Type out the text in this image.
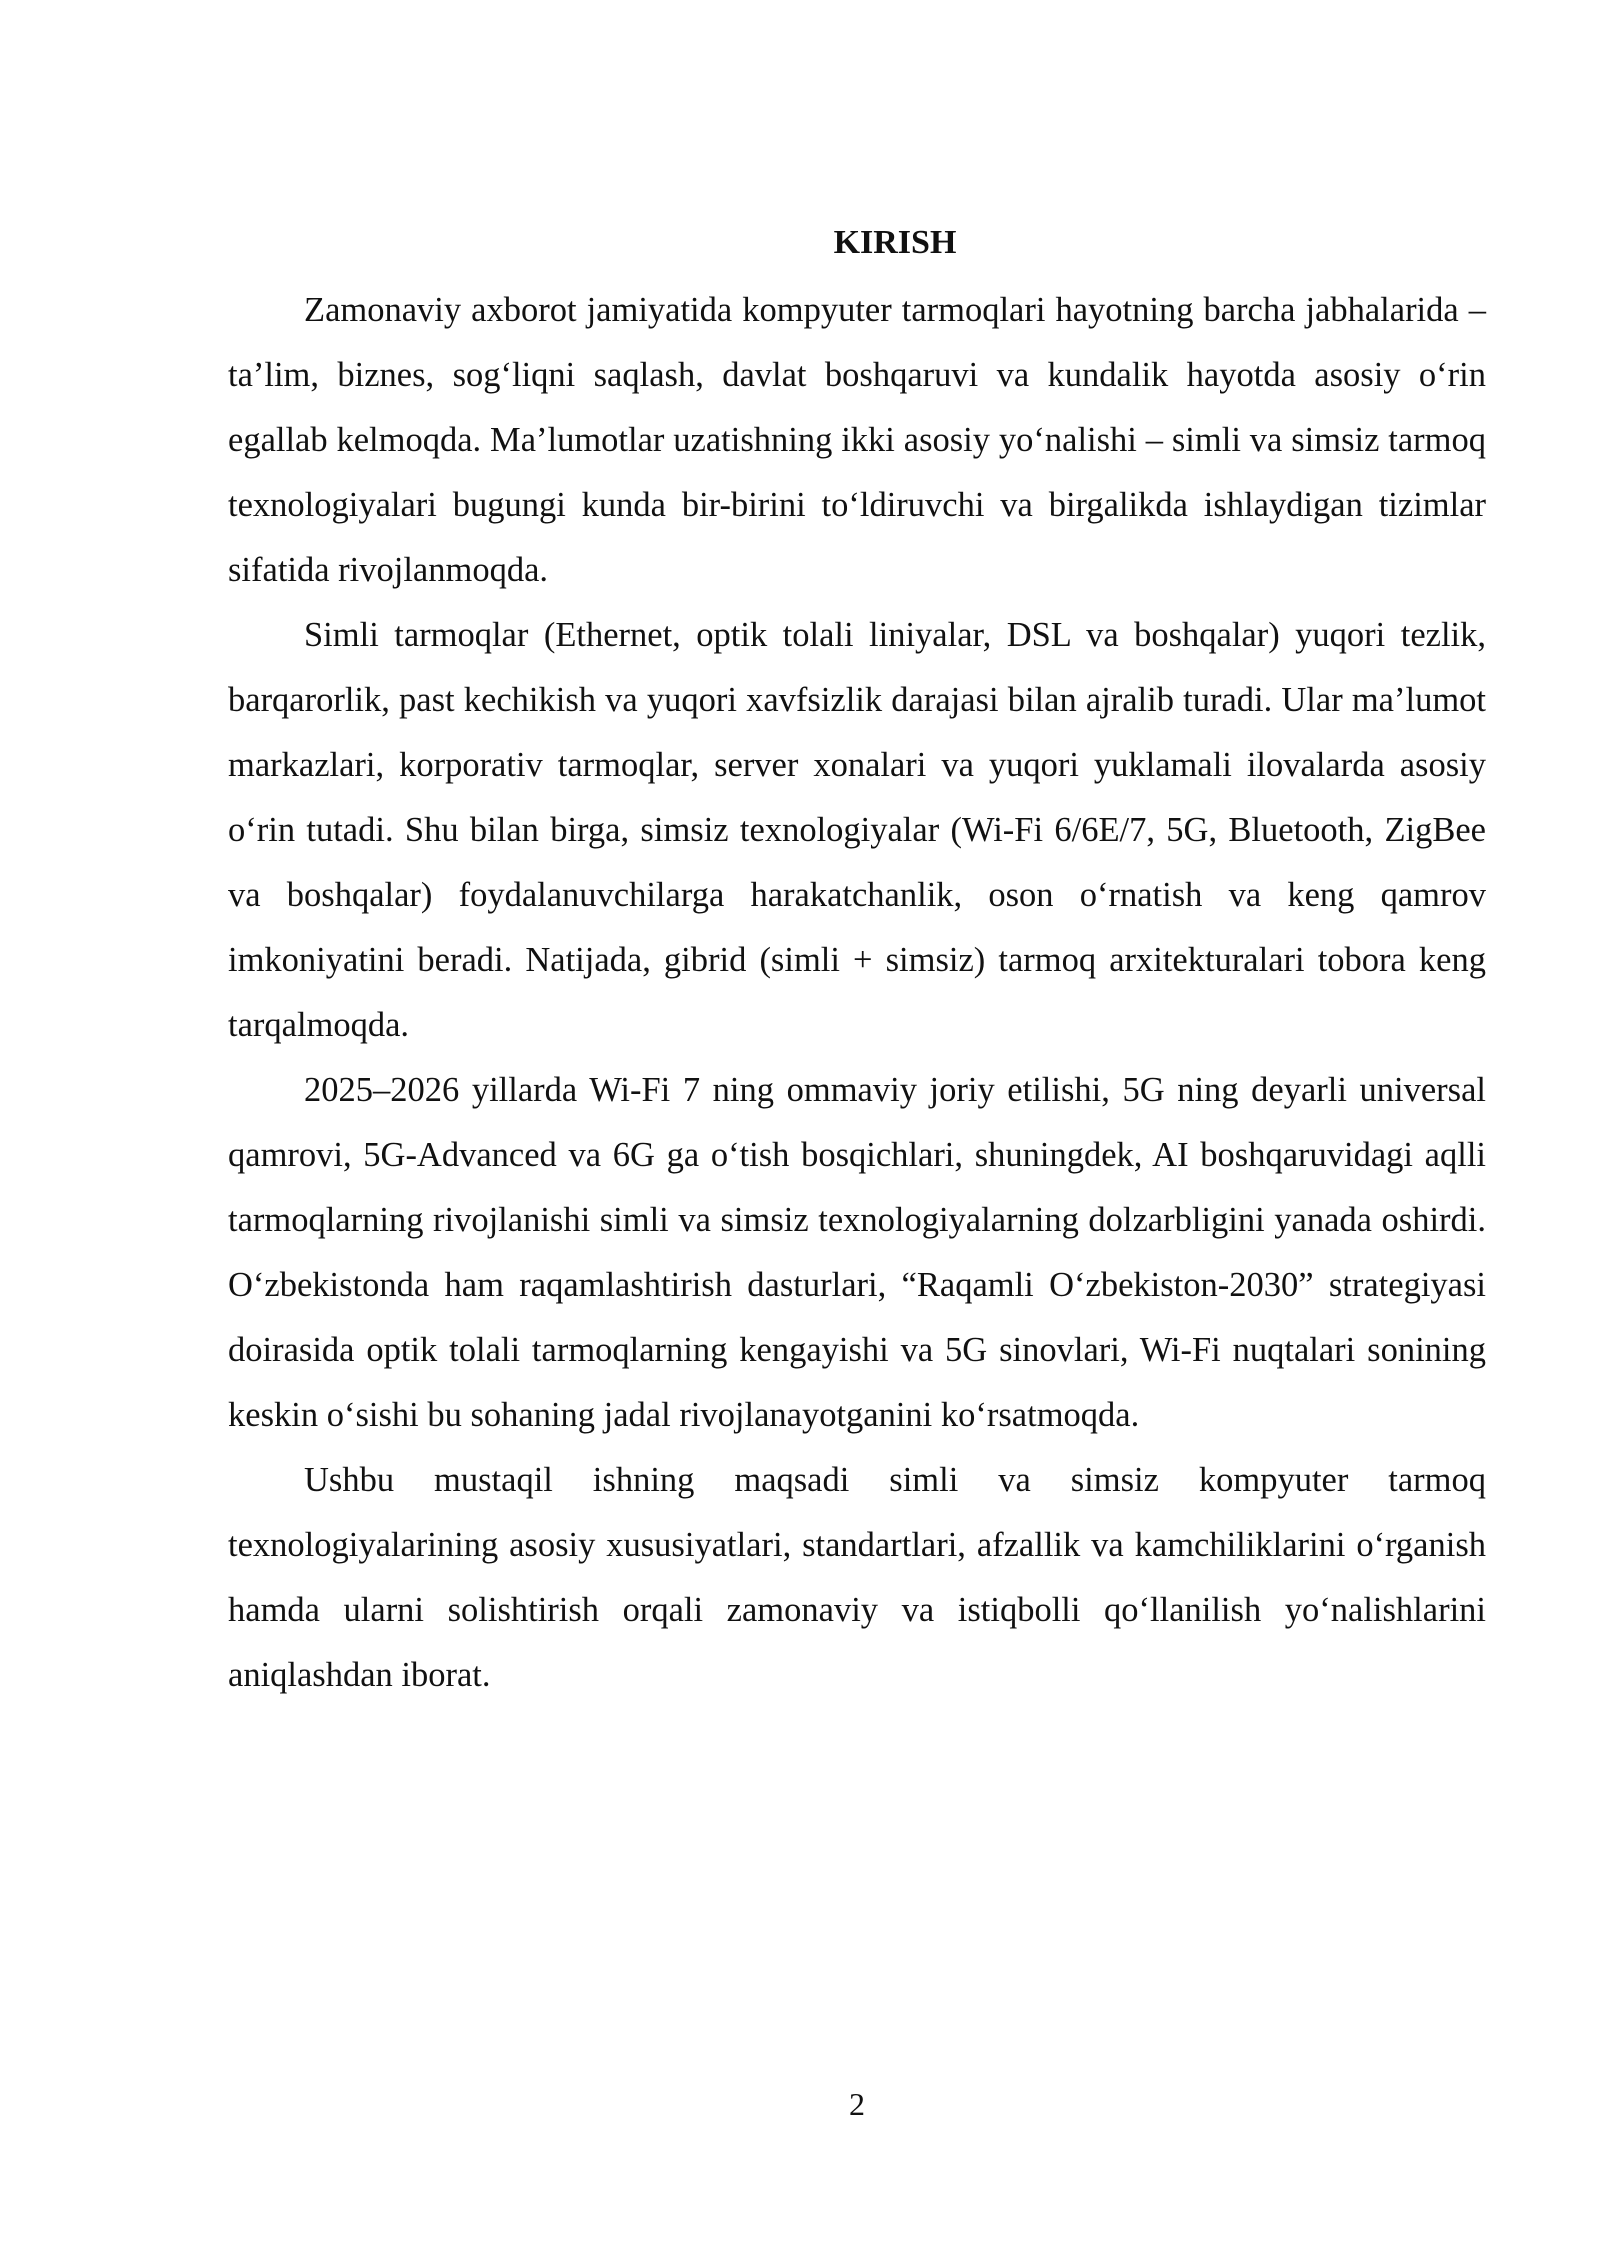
KIRISH

Zamonaviy axborot jamiyatida kompyuter tarmoqlari hayotning barcha jabhalarida – ta’lim, biznes, sog‘liqni saqlash, davlat boshqaruvi va kundalik hayotda asosiy o‘rin egallab kelmoqda. Ma’lumotlar uzatishning ikki asosiy yo‘nalishi – simli va simsiz tarmoq texnologiyalari bugungi kunda bir-birini to‘ldiruvchi va birgalikda ishlaydigan tizimlar sifatida rivojlanmoqda.

Simli tarmoqlar (Ethernet, optik tolali liniyalar, DSL va boshqalar) yuqori tezlik, barqarorlik, past kechikish va yuqori xavfsizlik darajasi bilan ajralib turadi. Ular ma’lumot markazlari, korporativ tarmoqlar, server xonalari va yuqori yuklamali ilovalarda asosiy o‘rin tutadi. Shu bilan birga, simsiz texnologiyalar (Wi-Fi 6/6E/7, 5G, Bluetooth, ZigBee va boshqalar) foydalanuvchilarga harakatchanlik, oson o‘rnatish va keng qamrov imkoniyatini beradi. Natijada, gibrid (simli + simsiz) tarmoq arxitekturalari tobora keng tarqalmoqda.

2025–2026 yillarda Wi-Fi 7 ning ommaviy joriy etilishi, 5G ning deyarli universal qamrovi, 5G-Advanced va 6G ga o‘tish bosqichlari, shuningdek, AI boshqaruvidagi aqlli tarmoqlarning rivojlanishi simli va simsiz texnologiyalarning dolzarbligini yanada oshirdi. O‘zbekistonda ham raqamlashtirish dasturlari, “Raqamli O‘zbekiston-2030” strategiyasi doirasida optik tolali tarmoqlarning kengayishi va 5G sinovlari, Wi-Fi nuqtalari sonining keskin o‘sishi bu sohaning jadal rivojlanayotganini ko‘rsatmoqda.

Ushbu mustaqil ishning maqsadi simli va simsiz kompyuter tarmoq texnologiyalarining asosiy xususiyatlari, standartlari, afzallik va kamchiliklarini o‘rganish hamda ularni solishtirish orqali zamonaviy va istiqbolli qo‘llanilish yo‘nalishlarini aniqlashdan iborat.

2
